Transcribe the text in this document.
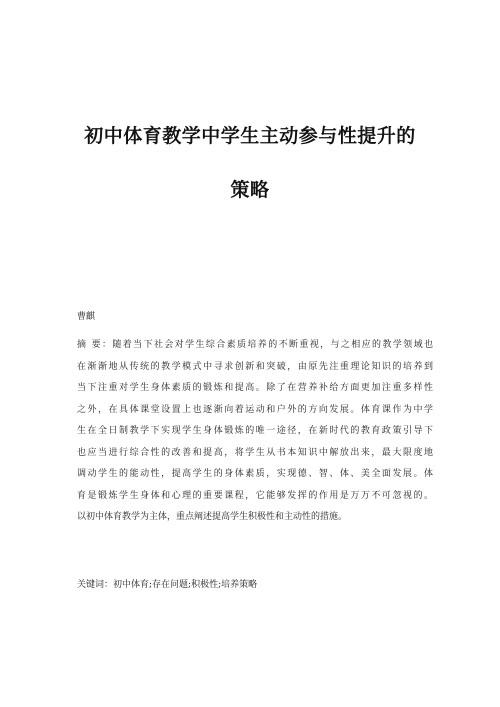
初中体育教学中学生主动参与性提升的
策略
曹麒
摘 要：随着当下社会对学生综合素质培养的不断重视，与之相应的教学领域也
在渐渐地从传统的教学模式中寻求创新和突破，由原先注重理论知识的培养到
当下注重对学生身体素质的锻炼和提高。除了在营养补给方面更加注重多样性
之外，在具体课堂设置上也逐渐向着运动和户外的方向发展。体育课作为中学
生在全日制教学下实现学生身体锻炼的唯一途径，在新时代的教育政策引导下
也应当进行综合性的改善和提高，将学生从书本知识中解放出来，最大限度地
调动学生的能动性，提高学生的身体素质，实现德、智、体、美全面发展。体
育是锻炼学生身体和心理的重要课程，它能够发挥的作用是万万不可忽视的。
以初中体育教学为主体，重点阐述提高学生积极性和主动性的措施。
关键词：初中体育;存在问题;积极性;培养策略
